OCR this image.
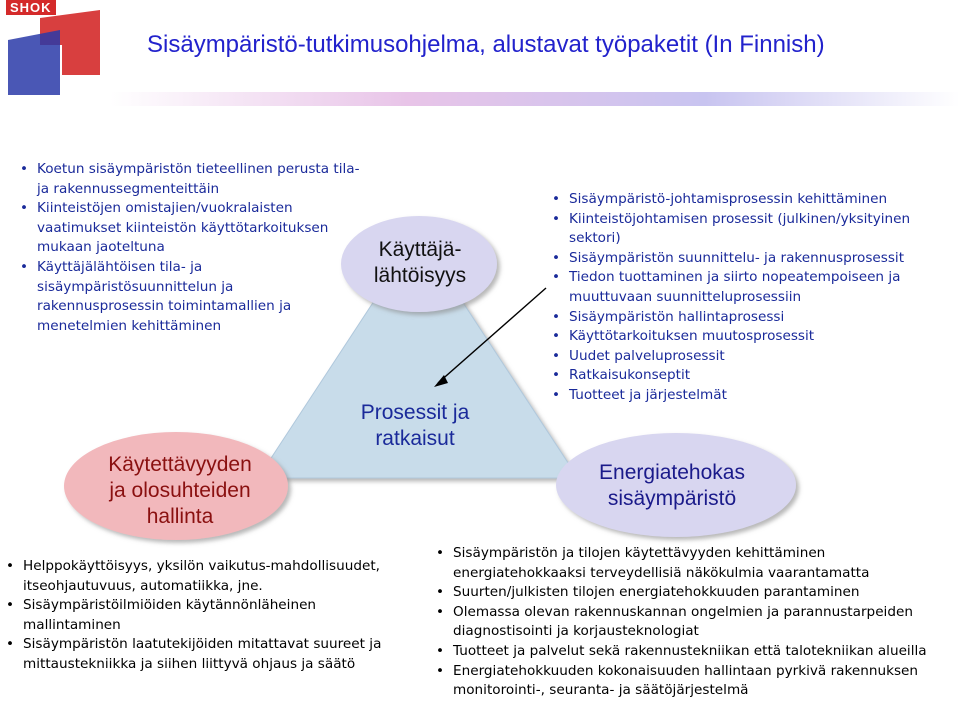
SHOK
Sisäympäristö-tutkimusohjelma, alustavat työpaketit (In Finnish)
Käyttäjä-
lähtöisyys
Prosessit ja
ratkaisut
Käytettävyyden
ja olosuhteiden
hallinta
Energiatehokas
sisäympäristö
• Koetun sisäympäristön tieteellinen perusta tila- ja rakennussegmenteittäin
• Kiinteistöjen omistajien/vuokralaisten vaatimukset kiinteistön käyttötarkoituksen mukaan jaoteltuna
• Käyttäjälähtöisen tila- ja sisäympäristösuunnittelun ja rakennusprosessin toimintamallien ja menetelmien kehittäminen
• Sisäympäristö-johtamisprosessin kehittäminen
• Kiinteistöjohtamisen prosessit (julkinen/yksityinen sektori)
• Sisäympäristön suunnittelu- ja rakennusprosessit
• Tiedon tuottaminen ja siirto nopeatempoiseen ja muuttuvaan suunnitteluprosessiin
• Sisäympäristön hallintaprosessi
• Käyttötarkoituksen muutosprosessit
• Uudet palveluprosessit
• Ratkaisukonseptit
• Tuotteet ja järjestelmät
• Helppokäyttöisyys, yksilön vaikutus-mahdollisuudet, itseohjautuvuus, automatiikka, jne.
• Sisäympäristöilmiöiden käytännönläheinen mallintaminen
• Sisäympäristön laatutekijöiden mitattavat suureet ja mittaustekniikka ja siihen liittyvä ohjaus ja säätö
• Sisäympäristön ja tilojen käytettävyyden kehittäminen energiatehokkaaksi terveydellisiä näkökulmia vaarantamatta
• Suurten/julkisten tilojen energiatehokkuuden parantaminen
• Olemassa olevan rakennuskannan ongelmien ja parannustarpeiden diagnostisointi ja korjausteknologiat
• Tuotteet ja palvelut sekä rakennustekniikan että talotekniikan alueilla
• Energiatehokkuuden kokonaisuuden hallintaan pyrkivä rakennuksen monitorointi-, seuranta- ja säätöjärjestelmä
